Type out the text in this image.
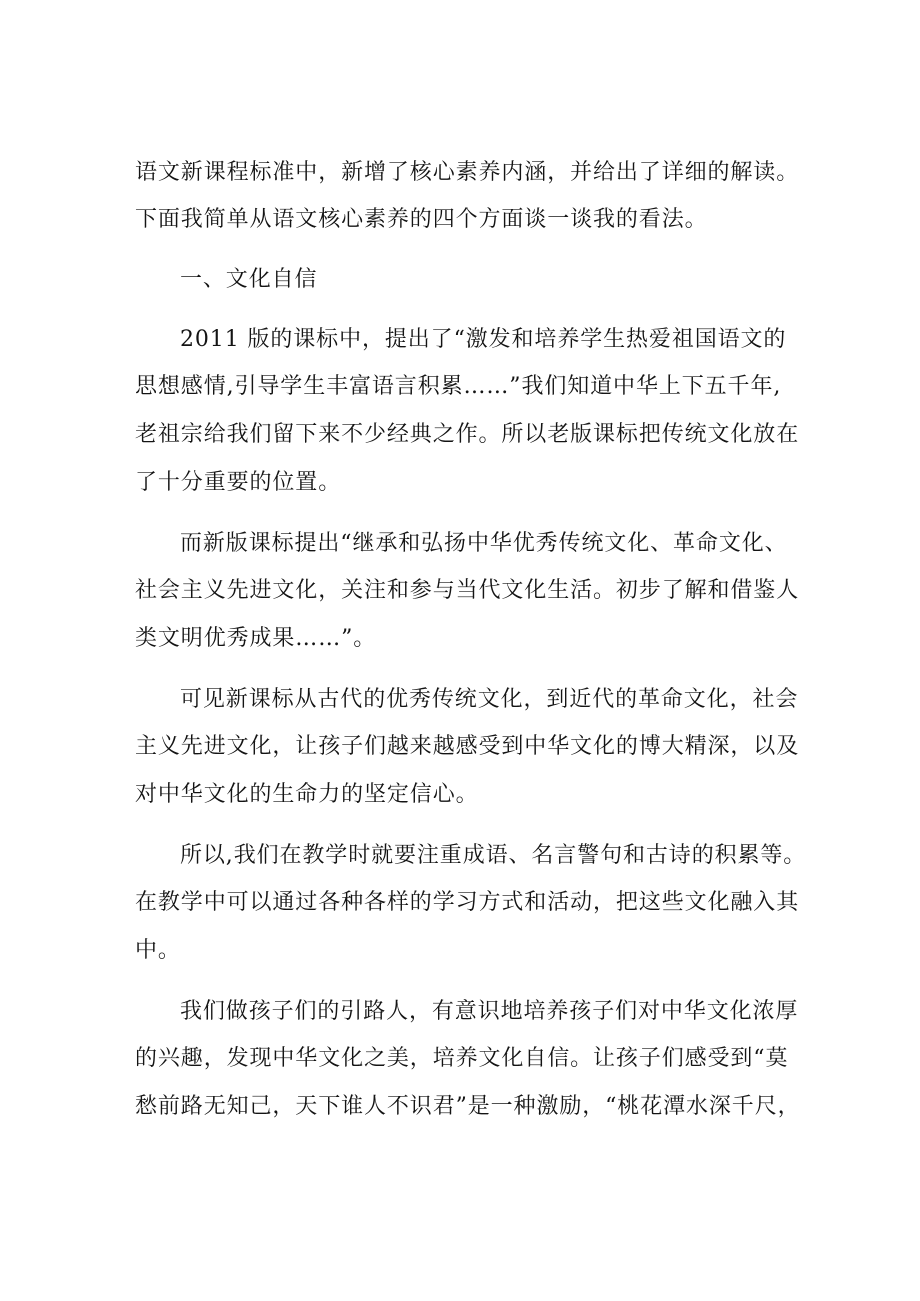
语文新课程标准中，新增了核心素养内涵，并给出了详细的解读。

下面我简单从语文核心素养的四个方面谈一谈我的看法。

一、文化自信

2011 版的课标中，提出了“激发和培养学生热爱祖国语文的

思想感情,引导学生丰富语言积累……”我们知道中华上下五千年,

老祖宗给我们留下来不少经典之作。所以老版课标把传统文化放在

了十分重要的位置。

而新版课标提出“继承和弘扬中华优秀传统文化、革命文化、

社会主义先进文化，关注和参与当代文化生活。初步了解和借鉴人

类文明优秀成果……”。

可见新课标从古代的优秀传统文化，到近代的革命文化，社会

主义先进文化，让孩子们越来越感受到中华文化的博大精深，以及

对中华文化的生命力的坚定信心。

所以,我们在教学时就要注重成语、名言警句和古诗的积累等。

在教学中可以通过各种各样的学习方式和活动，把这些文化融入其

中。

我们做孩子们的引路人，有意识地培养孩子们对中华文化浓厚

的兴趣，发现中华文化之美，培养文化自信。让孩子们感受到“莫

愁前路无知己，天下谁人不识君”是一种激励，“桃花潭水深千尺，
